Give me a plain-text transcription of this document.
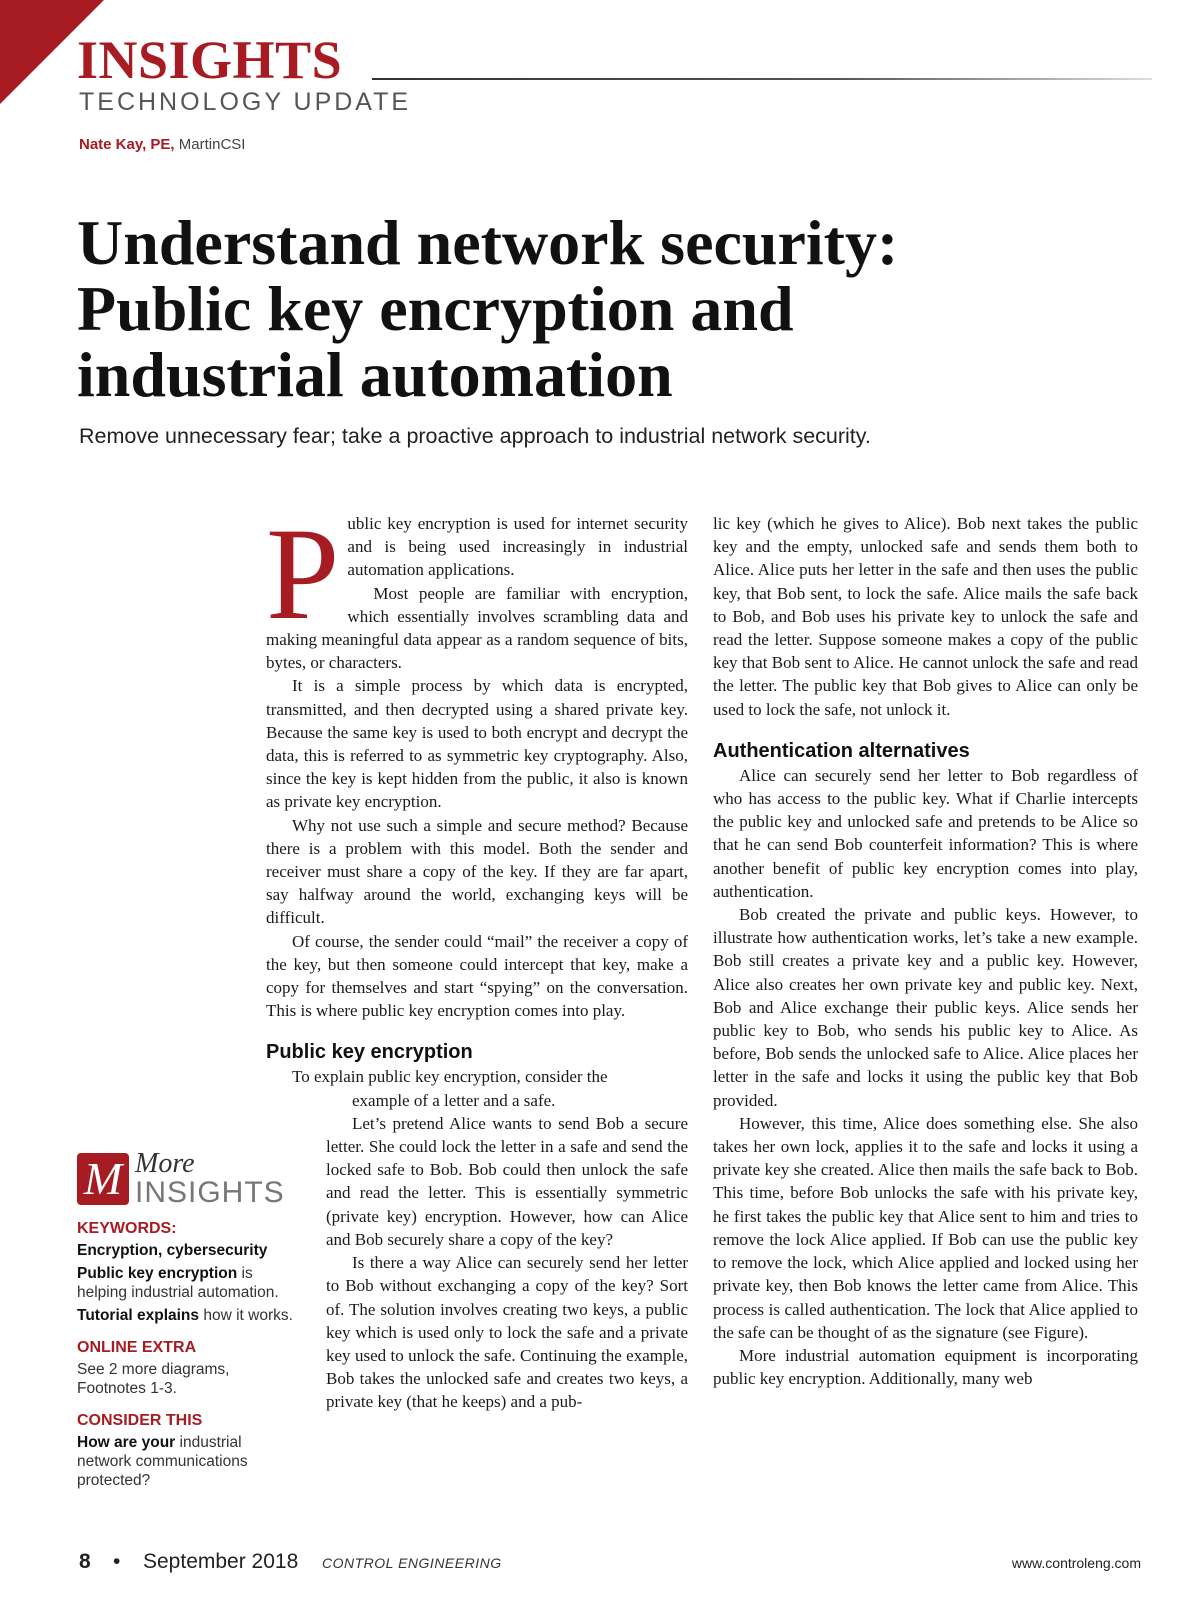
INSIGHTS
TECHNOLOGY UPDATE
Nate Kay, PE, MartinCSI
Understand network security:
Public key encryption and
industrial automation
Remove unnecessary fear; take a proactive approach to industrial network security.

Public key encryption is used for internet security and is being used increasingly in industrial automation applications.

Most people are familiar with encryption, which essentially involves scrambling data and making meaningful data appear as a random sequence of bits, bytes, or characters.

It is a simple process by which data is encrypted, transmitted, and then decrypted using a shared private key. Because the same key is used to both encrypt and decrypt the data, this is referred to as symmetric key cryptography. Also, since the key is kept hidden from the public, it also is known as private key encryption.

Why not use such a simple and secure method? Because there is a problem with this model. Both the sender and receiver must share a copy of the key. If they are far apart, say halfway around the world, exchanging keys will be difficult.

Of course, the sender could “mail” the receiver a copy of the key, but then someone could intercept that key, make a copy for themselves and start “spying” on the conversation. This is where public key encryption comes into play.

Public key encryption

To explain public key encryption, consider the

example of a letter and a safe.

Let’s pretend Alice wants to send Bob a secure letter. She could lock the letter in a safe and send the locked safe to Bob. Bob could then unlock the safe and read the letter. This is essentially symmetric (private key) encryption. However, how can Alice and Bob securely share a copy of the key?

Is there a way Alice can securely send her letter to Bob without exchanging a copy of the key? Sort of. The solution involves creating two keys, a public key which is used only to lock the safe and a private key used to unlock the safe. Continuing the example, Bob takes the unlocked safe and creates two keys, a private key (that he keeps) and a pub-

lic key (which he gives to Alice). Bob next takes the public key and the empty, unlocked safe and sends them both to Alice. Alice puts her letter in the safe and then uses the public key, that Bob sent, to lock the safe. Alice mails the safe back to Bob, and Bob uses his private key to unlock the safe and read the letter. Suppose someone makes a copy of the public key that Bob sent to Alice. He cannot unlock the safe and read the letter. The public key that Bob gives to Alice can only be used to lock the safe, not unlock it.

Authentication alternatives

Alice can securely send her letter to Bob regardless of who has access to the public key. What if Charlie intercepts the public key and unlocked safe and pretends to be Alice so that he can send Bob counterfeit information? This is where another benefit of public key encryption comes into play, authentication.

Bob created the private and public keys. However, to illustrate how authentication works, let’s take a new example. Bob still creates a private key and a public key. However, Alice also creates her own private key and public key. Next, Bob and Alice exchange their public keys. Alice sends her public key to Bob, who sends his public key to Alice. As before, Bob sends the unlocked safe to Alice. Alice places her letter in the safe and locks it using the public key that Bob provided.

However, this time, Alice does something else. She also takes her own lock, applies it to the safe and locks it using a private key she created. Alice then mails the safe back to Bob. This time, before Bob unlocks the safe with his private key, he first takes the public key that Alice sent to him and tries to remove the lock Alice applied. If Bob can use the public key to remove the lock, which Alice applied and locked using her private key, then Bob knows the letter came from Alice. This process is called authentication. The lock that Alice applied to the safe can be thought of as the signature (see Figure).

More industrial automation equipment is incorporating public key encryption. Additionally, many web

M More
INSIGHTS
KEYWORDS:
Encryption, cybersecurity
Public key encryption is helping industrial automation.
Tutorial explains how it works.
ONLINE EXTRA
See 2 more diagrams, Footnotes 1-3.
CONSIDER THIS
How are your industrial network communications protected?
8 • September 2018 CONTROL ENGINEERING	www.controleng.com
